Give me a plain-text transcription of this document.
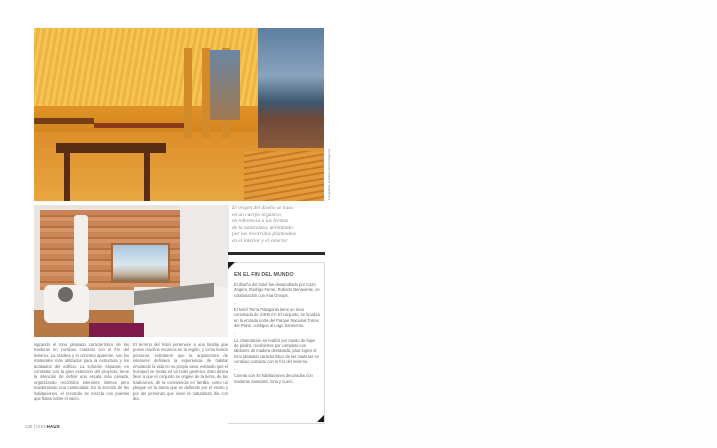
Fotografías: Cortesía Tierra Patagonia
El origen del diseño se basa
en un cuerpo orgánico,
en referencia a las formas
de la naturaleza, delimitado
por los recorridos planteados
en el interior y el exterior
EN EL FIN DEL MUNDO

El diseño del hotel fue desarrollado por Cazú Zegers, Rodrigo Ferrer, Roberto Benavente, en colaboración con Ana Groups.

-

El hotel Tierra Patagonia tiene un área construida de 4,900 m². El conjunto, se localiza en la entrada norte del Parque Nacional Torres del Paine, contiguo al Lago Sarmiento.

-

La cimentación se realizó por medio de fajas de piedra, recubiertos por completo con tablones de madera deslavada, para lograr el tono plateado característico de las maderas en continuo contacto con el frío del invierno.

-

Cuenta con 40 habitaciones decoradas con maderas naturales, lona y cuero.

lograndо el tono plateado característico de las maderas en continuo contacto con el frío del invierno. La madera y el concreto aparente, son los materiales más utilizados para la estructura y los acabados del edificio. La solución espacial, en contraste con la gran extensión del proyecto, tiene la intención de definir una escala más privada, organizando recorridos interiores íntimos pero manteniendo una continuidad. En la sección de las habitaciones, el recorrido se mezcla con puertas que flotan sobre el vacío.

El terreno del hotel pertenece a una familia que posee muchos recursos en la región, y como ilusión personal, solicitaron que la arquitectura de interiores definiera la experiencia de habitar emulando la vida en su propia casa, evitando que el huésped se sienta en un hotel genérico. Esto desea llevo a que el conjunto se origine de la tierra, de las tradiciones, de la convivencia en familia, como un pliegue en la arena que se defiende por el viento y por las personas que viven la naturaleza día con día.

130 | CHICHAUS
